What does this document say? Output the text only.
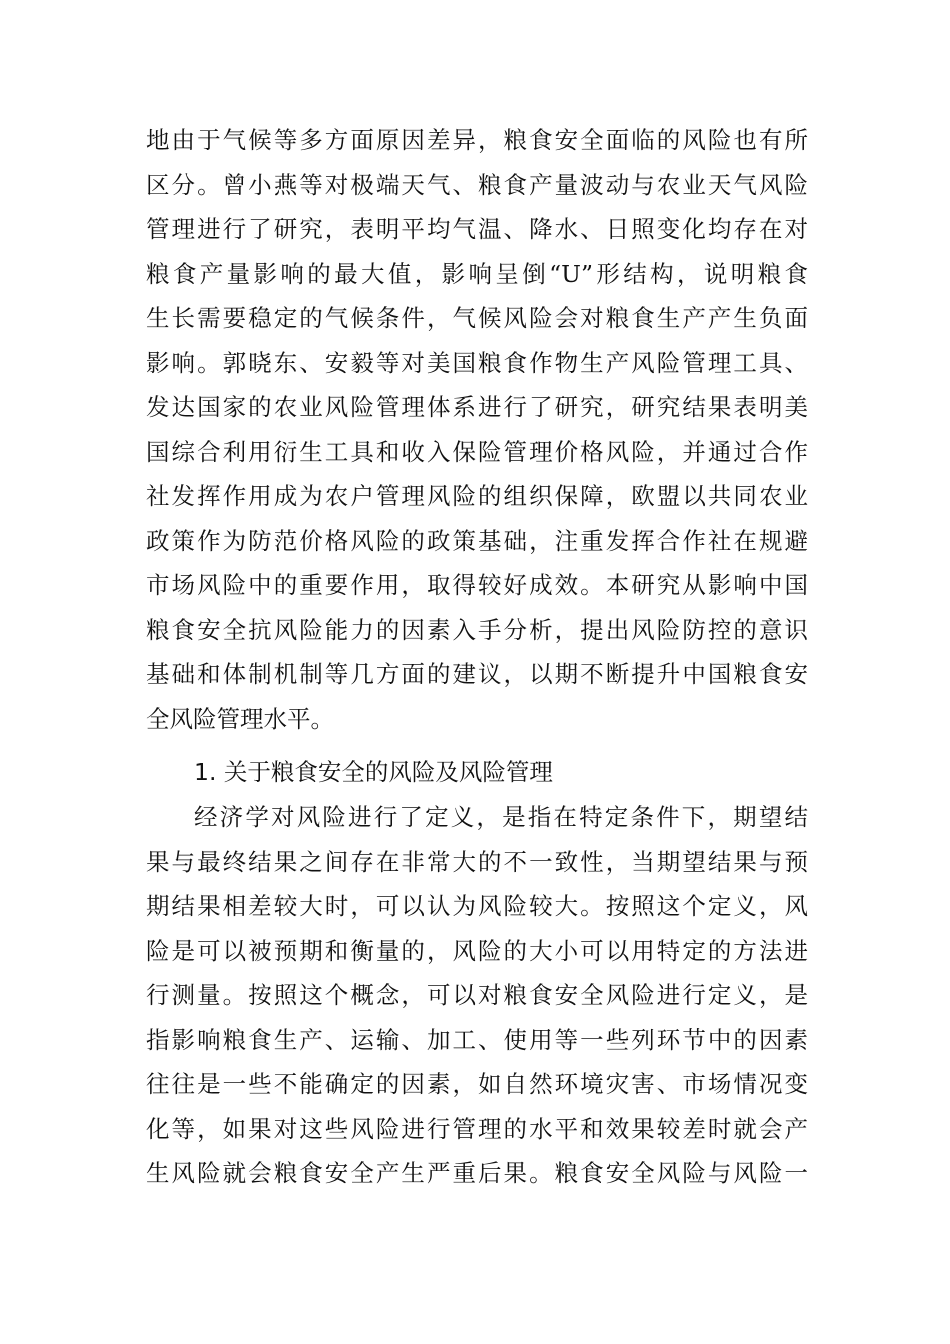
地由于气候等多方面原因差异，粮食安全面临的风险也有所
区分。曾小燕等对极端天气、粮食产量波动与农业天气风险
管理进行了研究，表明平均气温、降水、日照变化均存在对
粮食产量影响的最大值，影响呈倒“U”形结构，说明粮食
生长需要稳定的气候条件，气候风险会对粮食生产产生负面
影响。郭晓东、安毅等对美国粮食作物生产风险管理工具、
发达国家的农业风险管理体系进行了研究，研究结果表明美
国综合利用衍生工具和收入保险管理价格风险，并通过合作
社发挥作用成为农户管理风险的组织保障，欧盟以共同农业
政策作为防范价格风险的政策基础，注重发挥合作社在规避
市场风险中的重要作用，取得较好成效。本研究从影响中国
粮食安全抗风险能力的因素入手分析，提出风险防控的意识
基础和体制机制等几方面的建议，以期不断提升中国粮食安
全风险管理水平。
1. 关于粮食安全的风险及风险管理
经济学对风险进行了定义，是指在特定条件下，期望结
果与最终结果之间存在非常大的不一致性，当期望结果与预
期结果相差较大时，可以认为风险较大。按照这个定义，风
险是可以被预期和衡量的，风险的大小可以用特定的方法进
行测量。按照这个概念，可以对粮食安全风险进行定义，是
指影响粮食生产、运输、加工、使用等一些列环节中的因素
往往是一些不能确定的因素，如自然环境灾害、市场情况变
化等，如果对这些风险进行管理的水平和效果较差时就会产
生风险就会粮食安全产生严重后果。粮食安全风险与风险一
